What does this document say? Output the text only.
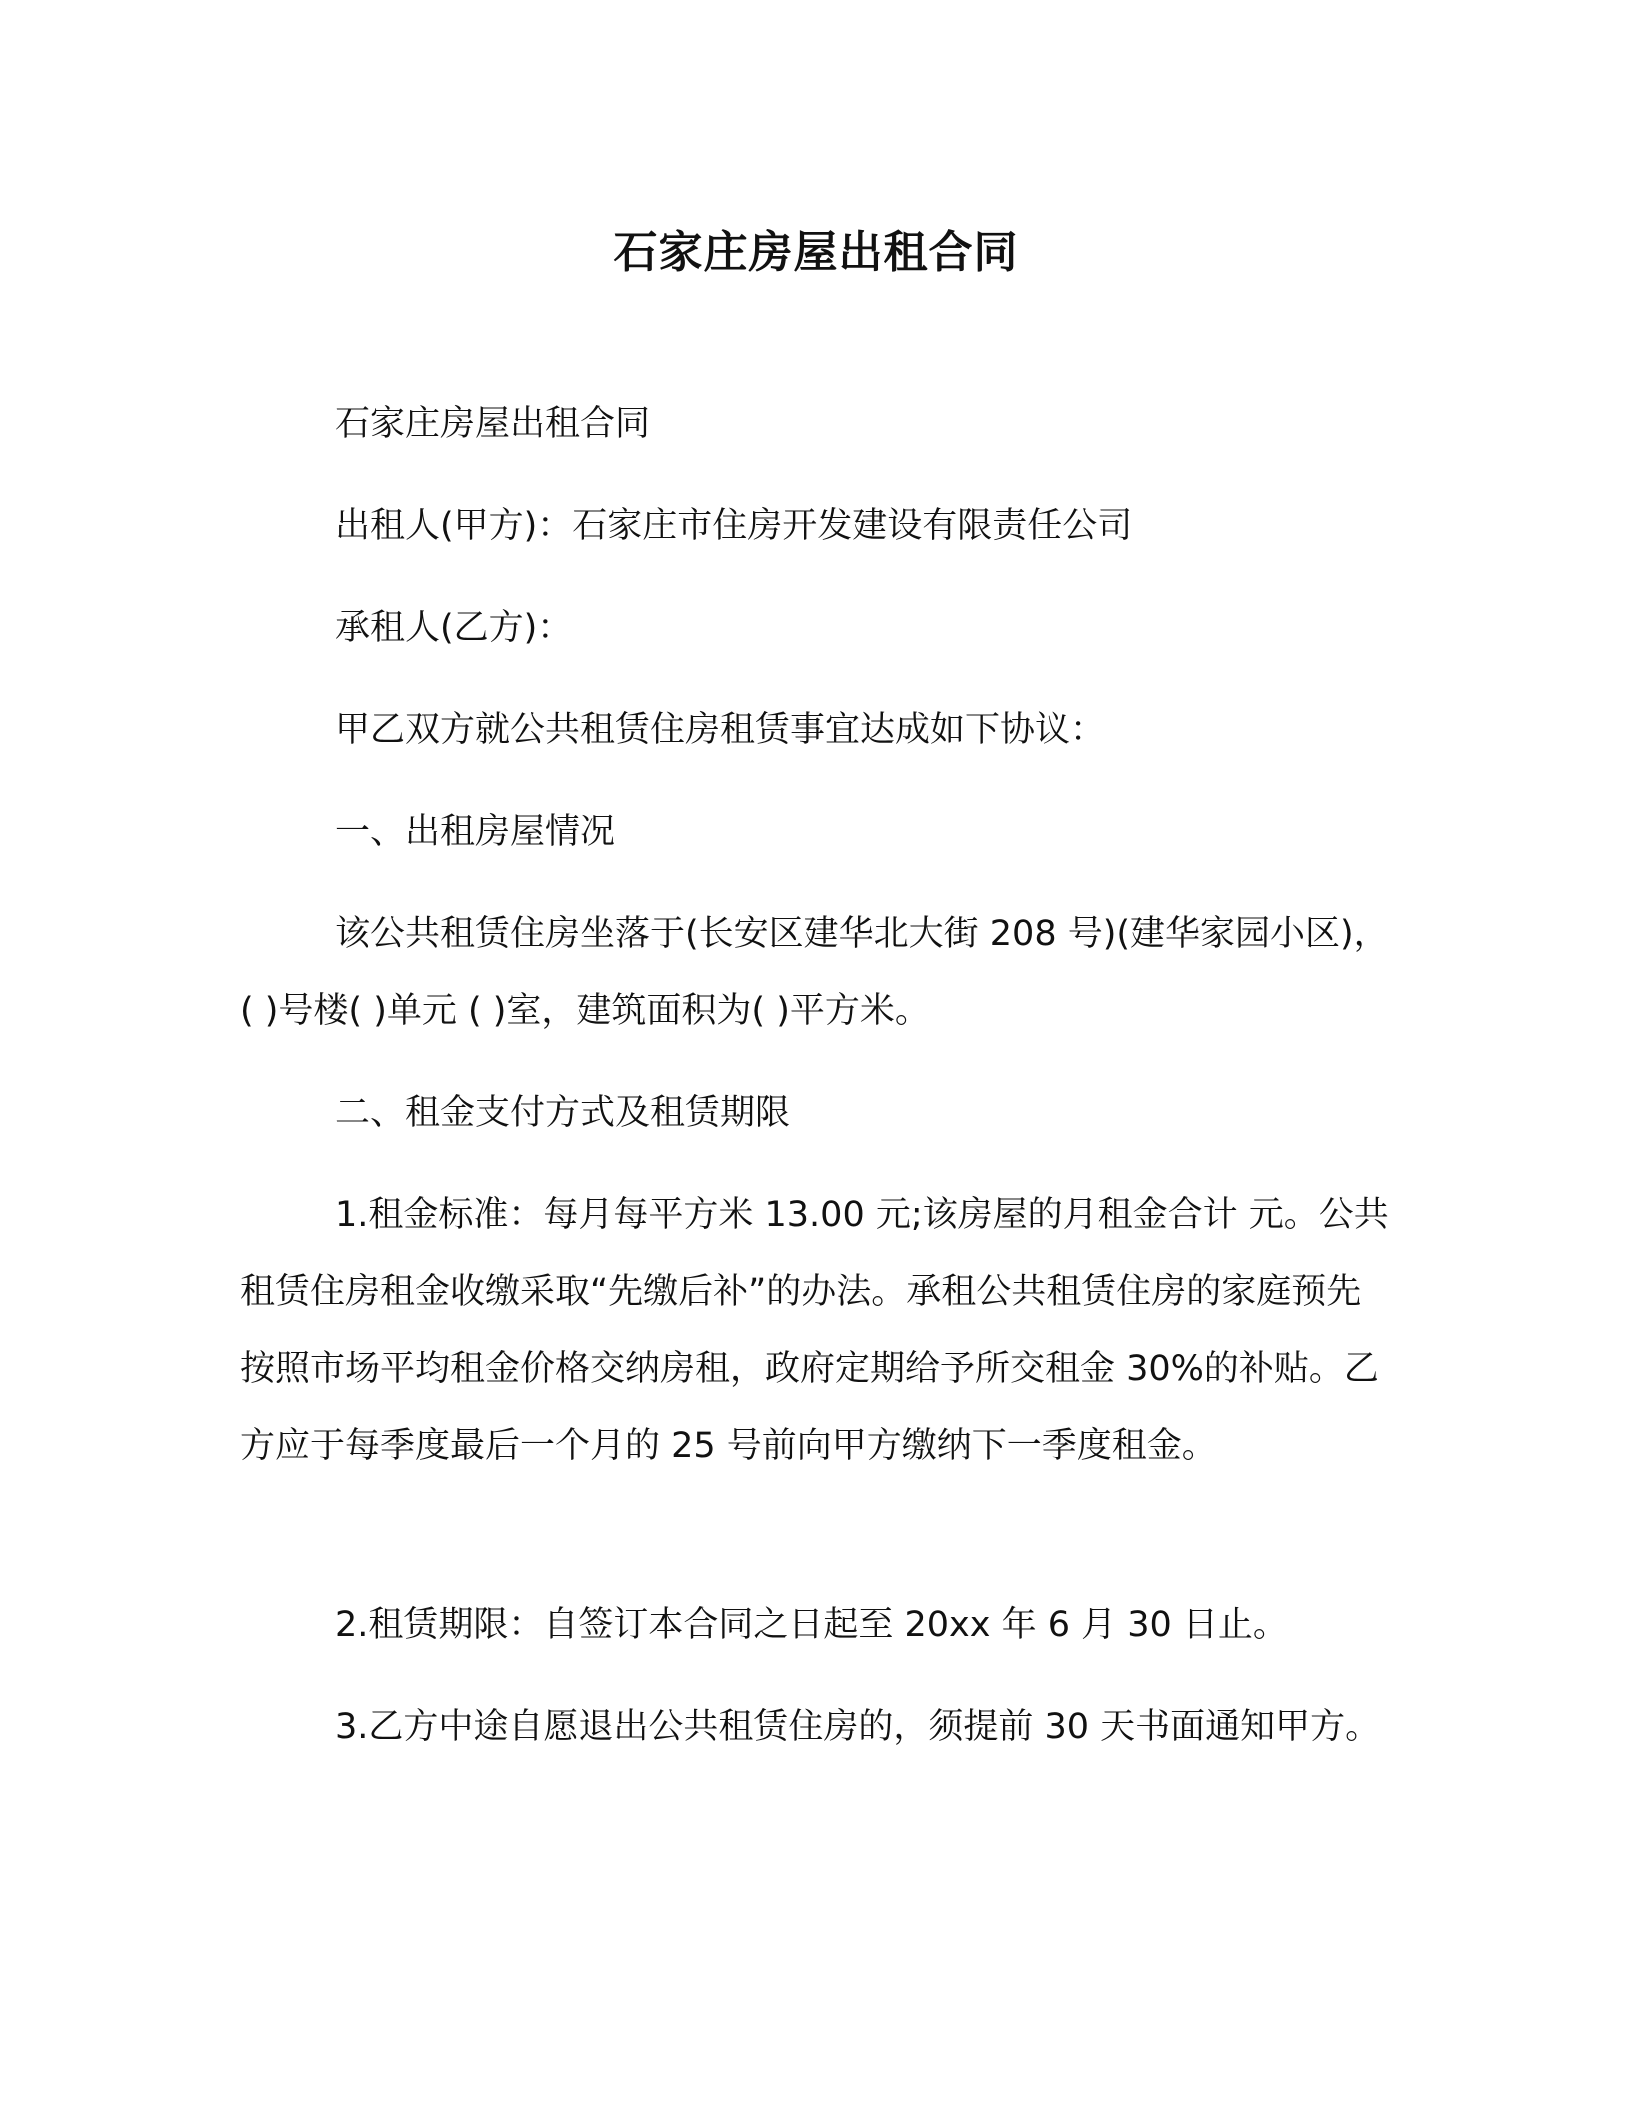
石家庄房屋出租合同

石家庄房屋出租合同

出租人(甲方)：石家庄市住房开发建设有限责任公司

承租人(乙方)：

甲乙双方就公共租赁住房租赁事宜达成如下协议：

一、出租房屋情况

该公共租赁住房坐落于(长安区建华北大街 208 号)(建华家园小区)，( )号楼( )单元 ( )室，建筑面积为( )平方米。

二、租金支付方式及租赁期限

1.租金标准：每月每平方米 13.00 元;该房屋的月租金合计 元。公共租赁住房租金收缴采取“先缴后补”的办法。承租公共租赁住房的家庭预先按照市场平均租金价格交纳房租，政府定期给予所交租金 30%的补贴。乙方应于每季度最后一个月的 25 号前向甲方缴纳下一季度租金。

2.租赁期限：自签订本合同之日起至 20xx 年 6 月 30 日止。

3.乙方中途自愿退出公共租赁住房的，须提前 30 天书面通知甲方。
